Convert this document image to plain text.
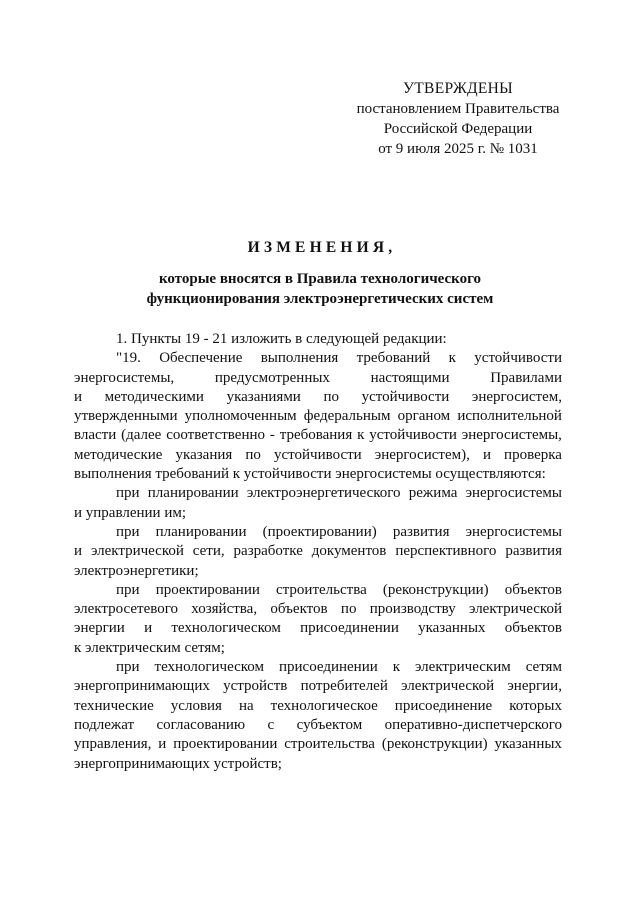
УТВЕРЖДЕНЫ
постановлением Правительства
Российской Федерации
от 9 июля 2025 г. № 1031
ИЗМЕНЕНИЯ,
которые вносятся в Правила технологического
функционирования электроэнергетических систем
1. Пункты 19 - 21 изложить в следующей редакции:
"19. Обеспечение выполнения требований к устойчивости
энергосистемы,	предусмотренных	настоящими	Правилами
и методическими указаниями по устойчивости энергосистем,
утвержденными уполномоченным федеральным органом исполнительной
власти (далее соответственно - требования к устойчивости энергосистемы,
методические указания по устойчивости энергосистем), и проверка
выполнения требований к устойчивости энергосистемы осуществляются:
при планировании электроэнергетического режима энергосистемы
и управлении им;
при планировании (проектировании) развития энергосистемы
и электрической сети, разработке документов перспективного развития
электроэнергетики;
при проектировании строительства (реконструкции) объектов
электросетевого хозяйства, объектов по производству электрической
энергии и технологическом присоединении указанных объектов
к электрическим сетям;
при технологическом присоединении к электрическим сетям
энергопринимающих устройств потребителей электрической энергии,
технические условия на технологическое присоединение которых
подлежат согласованию с субъектом оперативно-диспетчерского
управления, и проектировании строительства (реконструкции) указанных
энергопринимающих устройств;
